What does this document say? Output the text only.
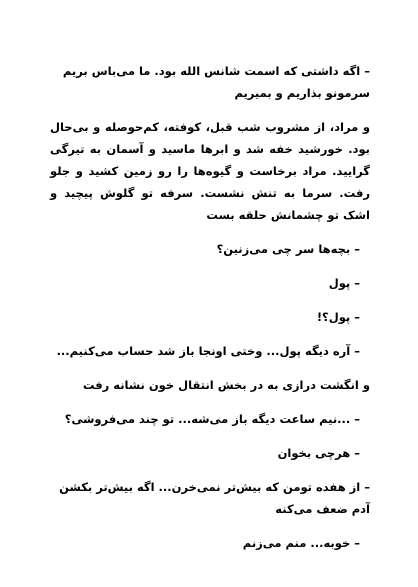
– اگه داشتی که اسمت شانس الله بود. ما می‌باس بریم سرمونو بذاریم و بمیریم

و مراد، از مشروب شب قبل، کوفته، کم‌حوصله و بی‌حال بود. خورشید خفه شد و ابرها ماسید و آسمان به تیرگی گرایید. مراد برخاست و گیوه‌ها را رو زمین کشید و جلو رفت. سرما به تنش نشست. سرفه تو گلوش پیچید و اشک تو چشمانش حلقه بست

– بچه‌ها سر چی می‌زنین؟

– پول

– پول؟!

– آره دیگه پول... وختی اونجا باز شد حساب می‌کنیم...

و انگشت درازی به در بخش انتقال خون نشانه رفت

– ...نیم ساعت دیگه باز می‌شه... تو چند می‌فروشی؟

– هرچی بخوان

– از هفده تومن که بیش‌تر نمی‌خرن... اگه بیش‌تر بکشن آدم ضعف می‌کنه

– خوبه... منم می‌زنم
